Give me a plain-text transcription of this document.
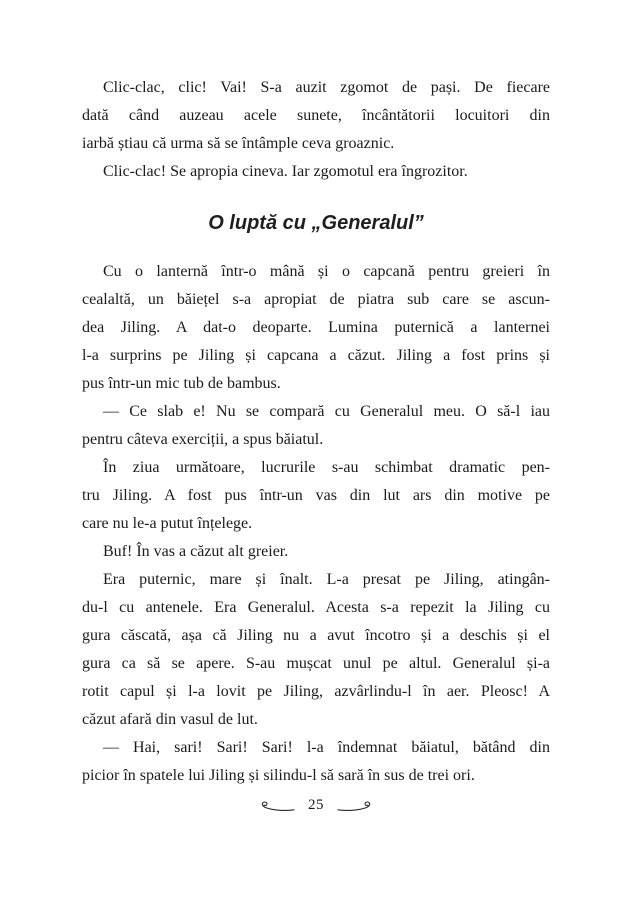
Clic-clac, clic! Vai! S-a auzit zgomot de pași. De fiecare
dată când auzeau acele sunete, încântătorii locuitori din
iarbă știau că urma să se întâmple ceva groaznic.
Clic-clac! Se apropia cineva. Iar zgomotul era îngrozitor.
O luptă cu „Generalul”
Cu o lanternă într-o mână și o capcană pentru greieri în
cealaltă, un băiețel s-a apropiat de piatra sub care se ascun-
dea Jiling. A dat-o deoparte. Lumina puternică a lanternei
l-a surprins pe Jiling și capcana a căzut. Jiling a fost prins și
pus într-un mic tub de bambus.
— Ce slab e! Nu se compară cu Generalul meu. O să-l iau
pentru câteva exerciții, a spus băiatul.
În ziua următoare, lucrurile s-au schimbat dramatic pen-
tru Jiling. A fost pus într-un vas din lut ars din motive pe
care nu le-a putut înțelege.
Buf! În vas a căzut alt greier.
Era puternic, mare și înalt. L-a presat pe Jiling, atingân-
du-l cu antenele. Era Generalul. Acesta s-a repezit la Jiling cu
gura căscată, așa că Jiling nu a avut încotro și a deschis și el
gura ca să se apere. S-au mușcat unul pe altul. Generalul și-a
rotit capul și l-a lovit pe Jiling, azvârlindu-l în aer. Pleosc! A
căzut afară din vasul de lut.
— Hai, sari! Sari! Sari! l-a îndemnat băiatul, bătând din
picior în spatele lui Jiling și silindu-l să sară în sus de trei ori.
25
